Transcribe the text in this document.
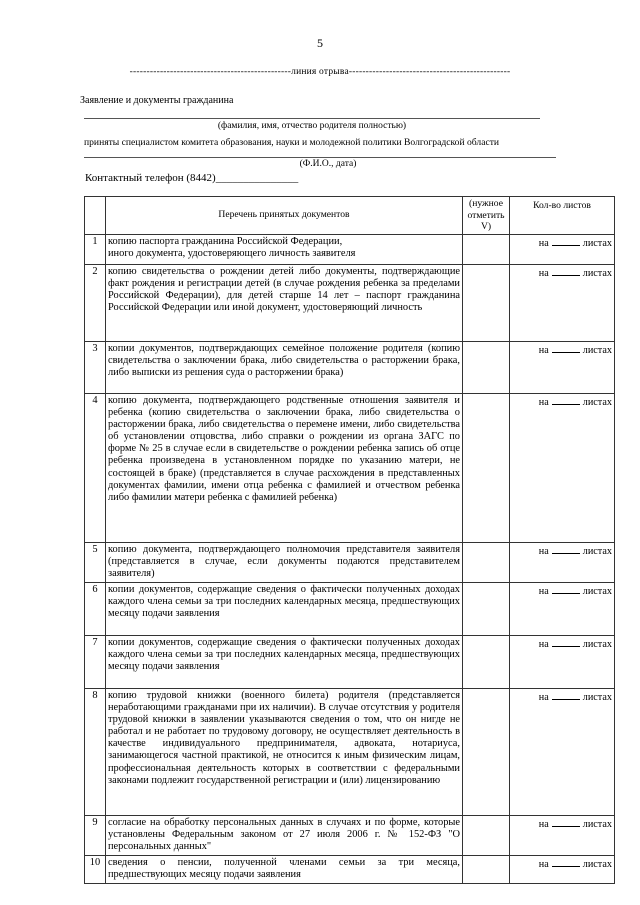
5
------------------------------------------------линия отрыва------------------------------------------------
Заявление и документы гражданина
(фамилия, имя, отчество родителя полностью)
приняты специалистом комитета образования, науки и молодежной политики Волгоградской области
(Ф.И.О., дата)
Контактный телефон (8442)_______________
	Перечень принятых документов	(нужное отметить V)	Кол-во листов
1	копию паспорта гражданина Российской Федерации,
иного документа, удостоверяющего личность заявителя		на листах
2	копию свидетельства о рождении детей либо документы, подтверждающие факт рождения и регистрации детей (в случае рождения ребенка за пределами Российской Федерации), для детей старше 14 лет – паспорт гражданина Российской Федерации или иной документ, удостоверяющий личность		на листах
3	копии документов, подтверждающих семейное положение родителя (копию свидетельства о заключении брака, либо свидетельства о расторжении брака, либо выписки из решения суда о расторжении брака)		на листах
4	копию документа, подтверждающего родственные отношения заявителя и ребенка (копию свидетельства о заключении брака, либо свидетельства о расторжении брака, либо свидетельства о перемене имени, либо свидетельства об установлении отцовства, либо справки о рождении из органа ЗАГС по форме № 25 в случае если в свидетельстве о рождении ребенка запись об отце ребенка произведена в установленном порядке по указанию матери, не состоящей в браке) (представляется в случае расхождения в представленных документах фамилии, имени отца ребенка с фамилией и отчеством ребенка либо фамилии матери ребенка с фамилией ребенка)		на листах
5	копию документа, подтверждающего полномочия представителя заявителя (представляется в случае, если документы подаются представителем заявителя)		на листах
6	копии документов, содержащие сведения о фактически полученных доходах каждого члена семьи за три последних календарных месяца, предшествующих месяцу подачи заявления		на листах
7	копии документов, содержащие сведения о фактически полученных доходах каждого члена семьи за три последних календарных месяца, предшествующих месяцу подачи заявления		на листах
8	копию трудовой книжки (военного билета) родителя (представляется неработающими гражданами при их наличии). В случае отсутствия у родителя трудовой книжки в заявлении указываются сведения о том, что он нигде не работал и не работает по трудовому договору, не осуществляет деятельность в качестве индивидуального предпринимателя, адвоката, нотариуса, занимающегося частной практикой, не относится к иным физическим лицам, профессиональная деятельность которых в соответствии с федеральными законами подлежит государственной регистрации и (или) лицензированию		на листах
9	согласие на обработку персональных данных в случаях и по форме, которые установлены Федеральным законом от 27 июля 2006 г. № 152-ФЗ "О персональных данных"		на листах
10	сведения о пенсии, полученной членами семьи за три месяца, предшествующих месяцу подачи заявления		на листах
